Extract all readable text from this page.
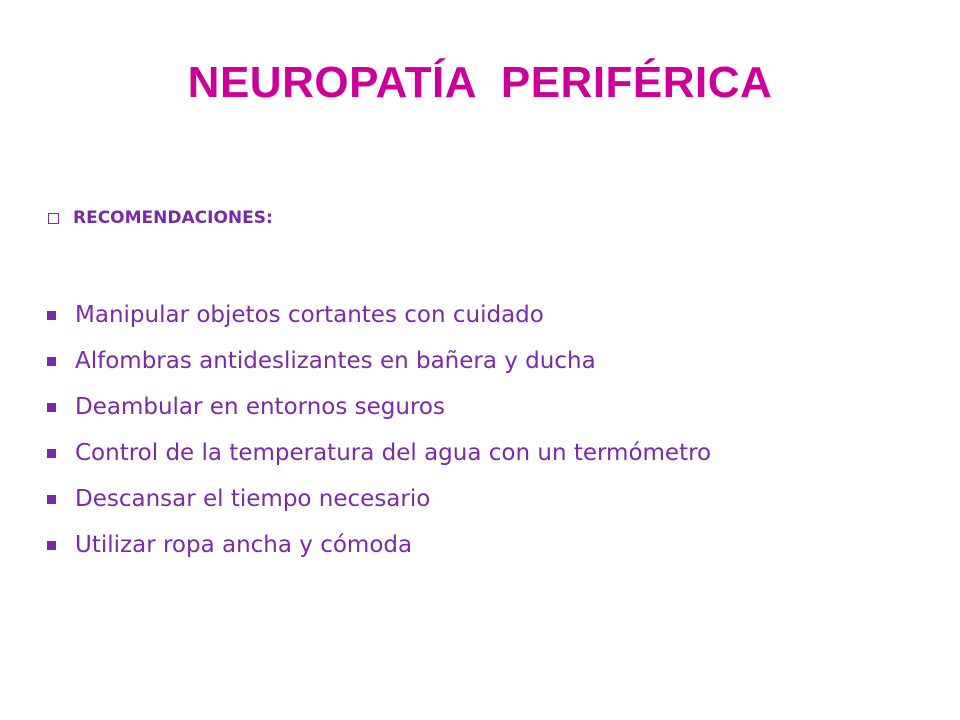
NEUROPATÍA  PERIFÉRICA
RECOMENDACIONES:
Manipular objetos cortantes con cuidado
Alfombras antideslizantes en bañera y ducha
Deambular en entornos seguros
Control de la temperatura del agua con un termómetro
Descansar el tiempo necesario
Utilizar ropa ancha y cómoda
